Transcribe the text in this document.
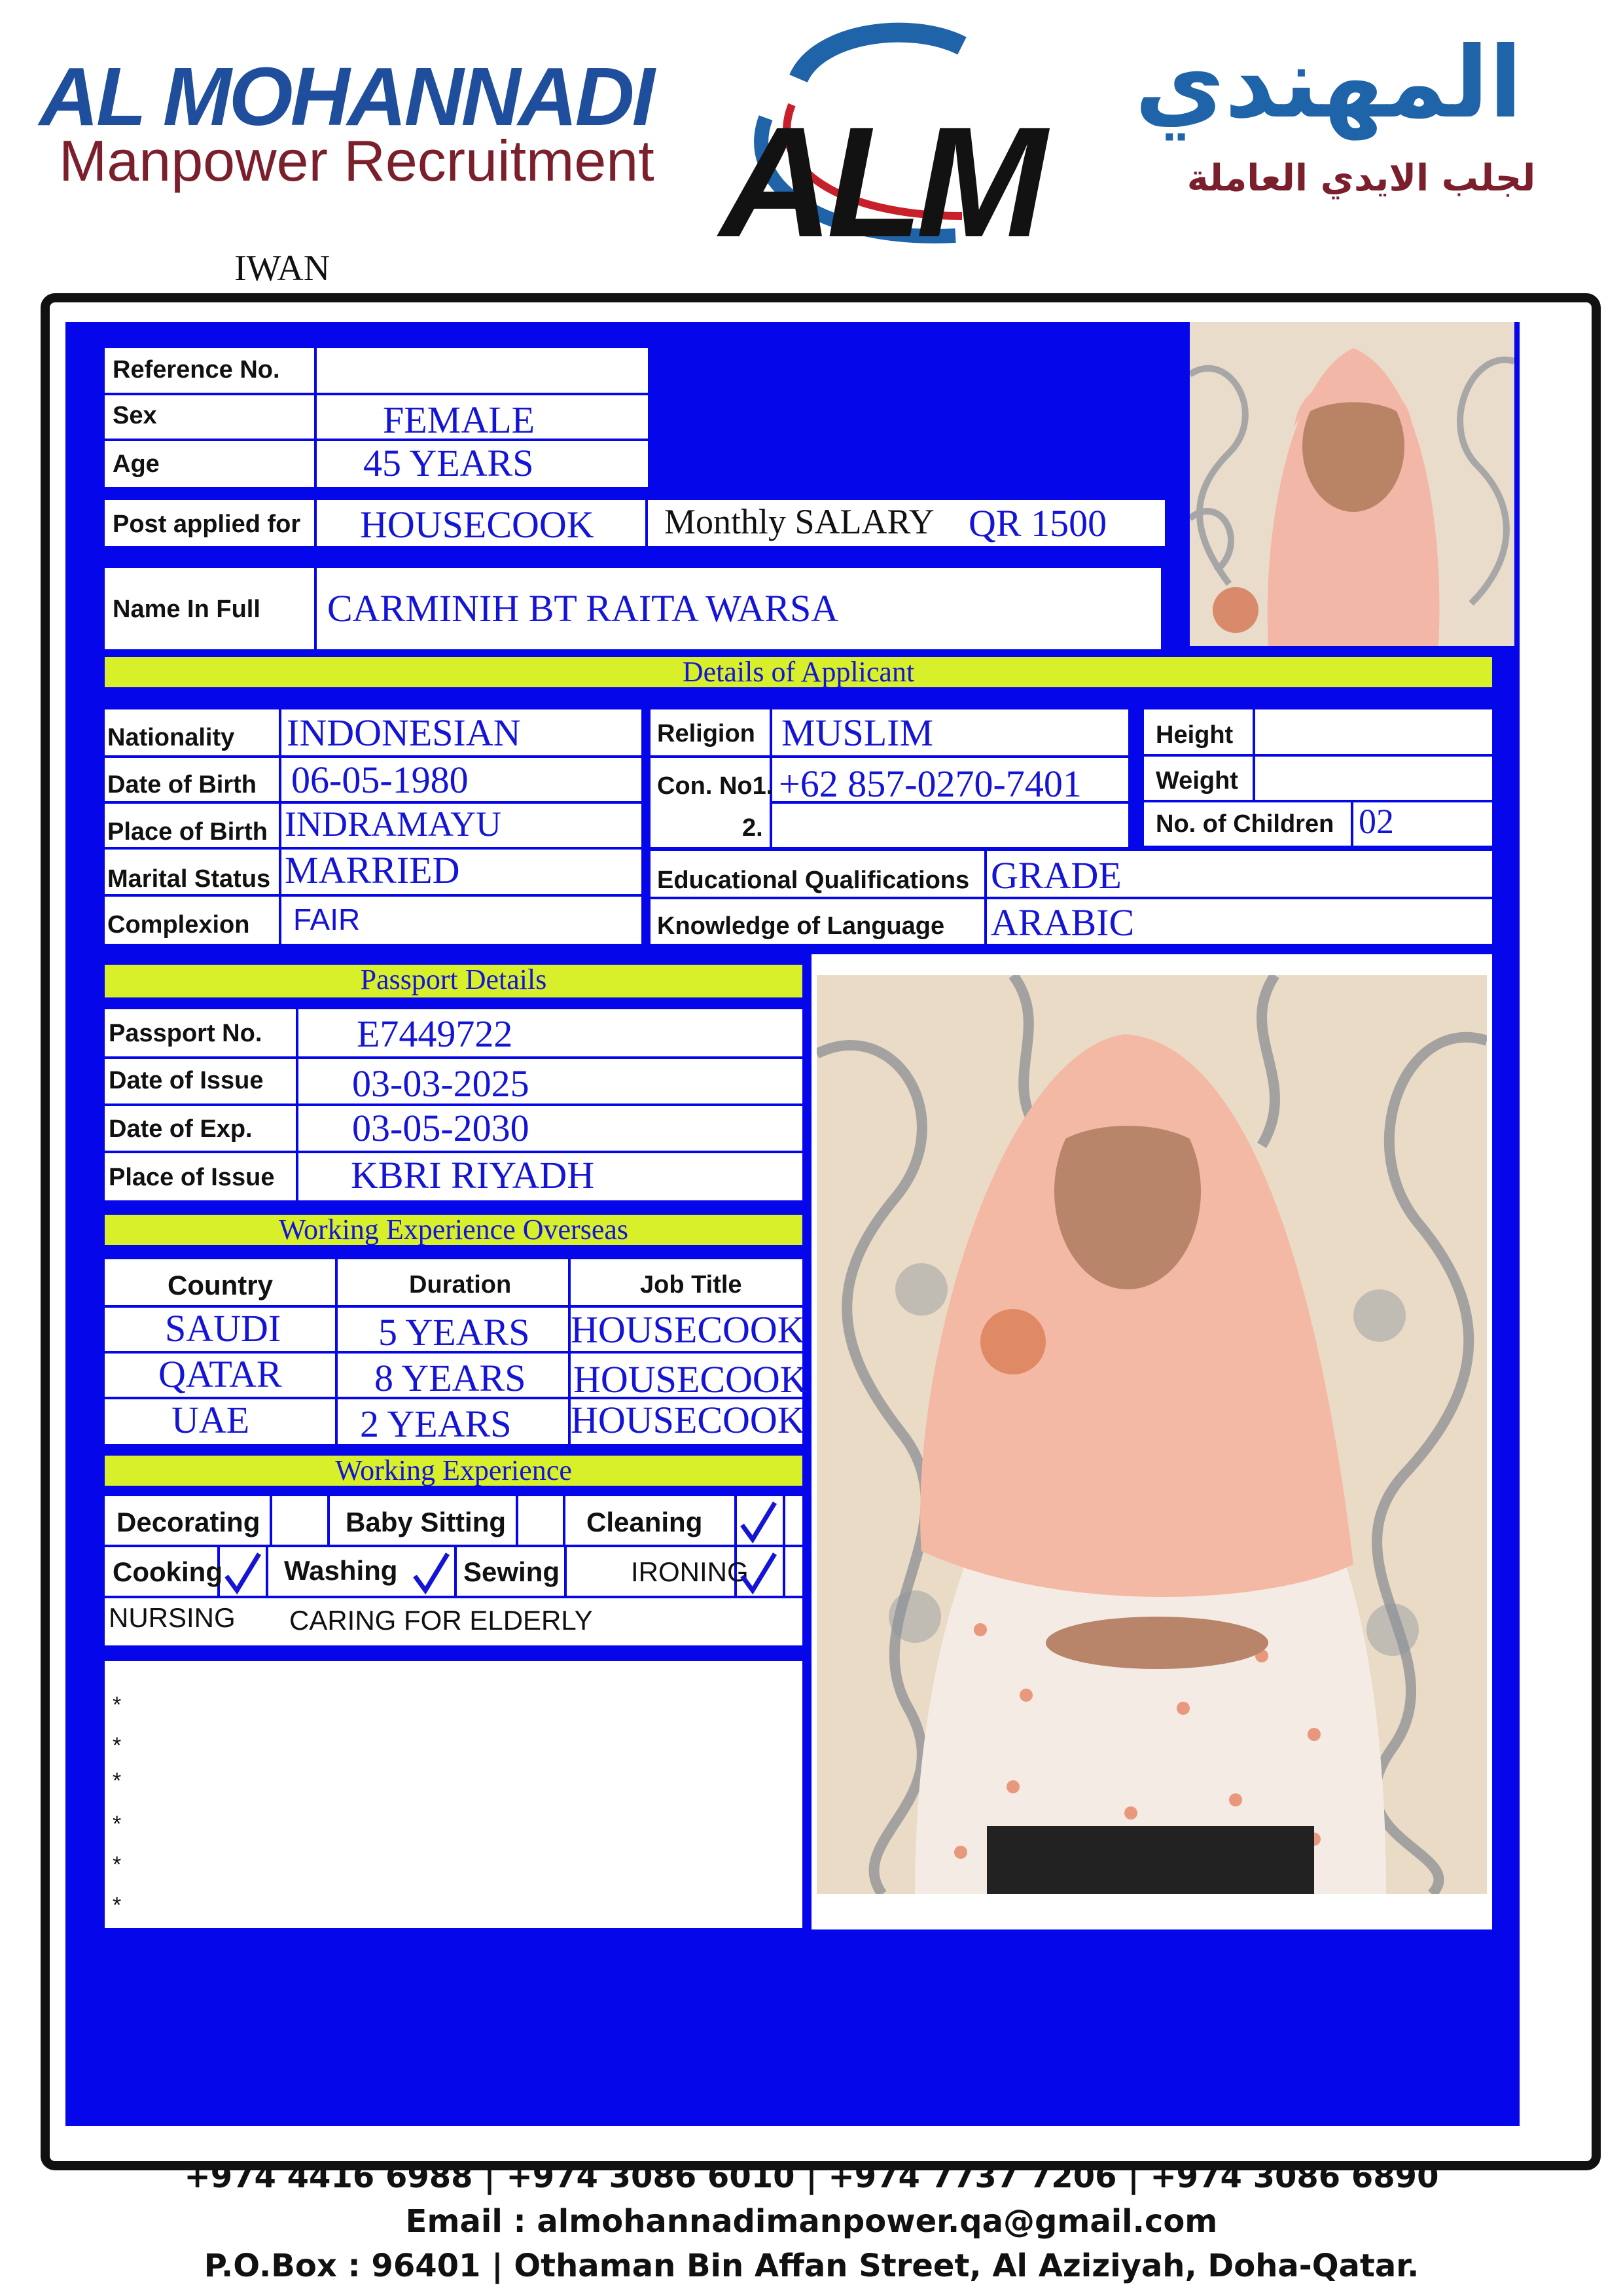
AL MOHANNADI
Manpower Recruitment ALM
المهندي
لجلب الايدي العاملة
IWAN
Reference No.
Sex	FEMALE
Age	45 YEARS
Post applied for HOUSECOOK Monthly SALARY QR 1500
Name In Full CARMINIH BT RAITA WARSA
Details of Applicant
Nationality INDONESIAN
Date of Birth 06-05-1980
Place of Birth INDRAMAYU
Marital Status MARRIED
Complexion FAIR
Religion MUSLIM
Con. No1. +62 857-0270-7401
2.
Height
Weight
No. of Children 02
Educational Qualifications GRADE
Knowledge of Language ARABIC
Passport Details
Passport No. E7449722
Date of Issue 03-03-2025
Date of Exp.	03-05-2030
Place of Issue KBRI RIYADH
Working Experience Overseas
Country	Duration	Job Title
SAUDI	5 YEARS HOUSECOOK
QATAR 8 YEARS HOUSECOOK
UAE	2 YEARS HOUSECOOK
Working Experience
Decorating	Baby Sitting	Cleaning
Cooking Washing Sewing	IRONING
NURSING CARING FOR ELDERLY
*
*
*
*
*
*
+974 4416 6988 | +974 3086 6010 | +974 7737 7206 | +974 3086 6890
Email : almohannadimanpower.qa@gmail.com
P.O.Box : 96401 | Othaman Bin Affan Street, Al Aziziyah, Doha-Qatar.
